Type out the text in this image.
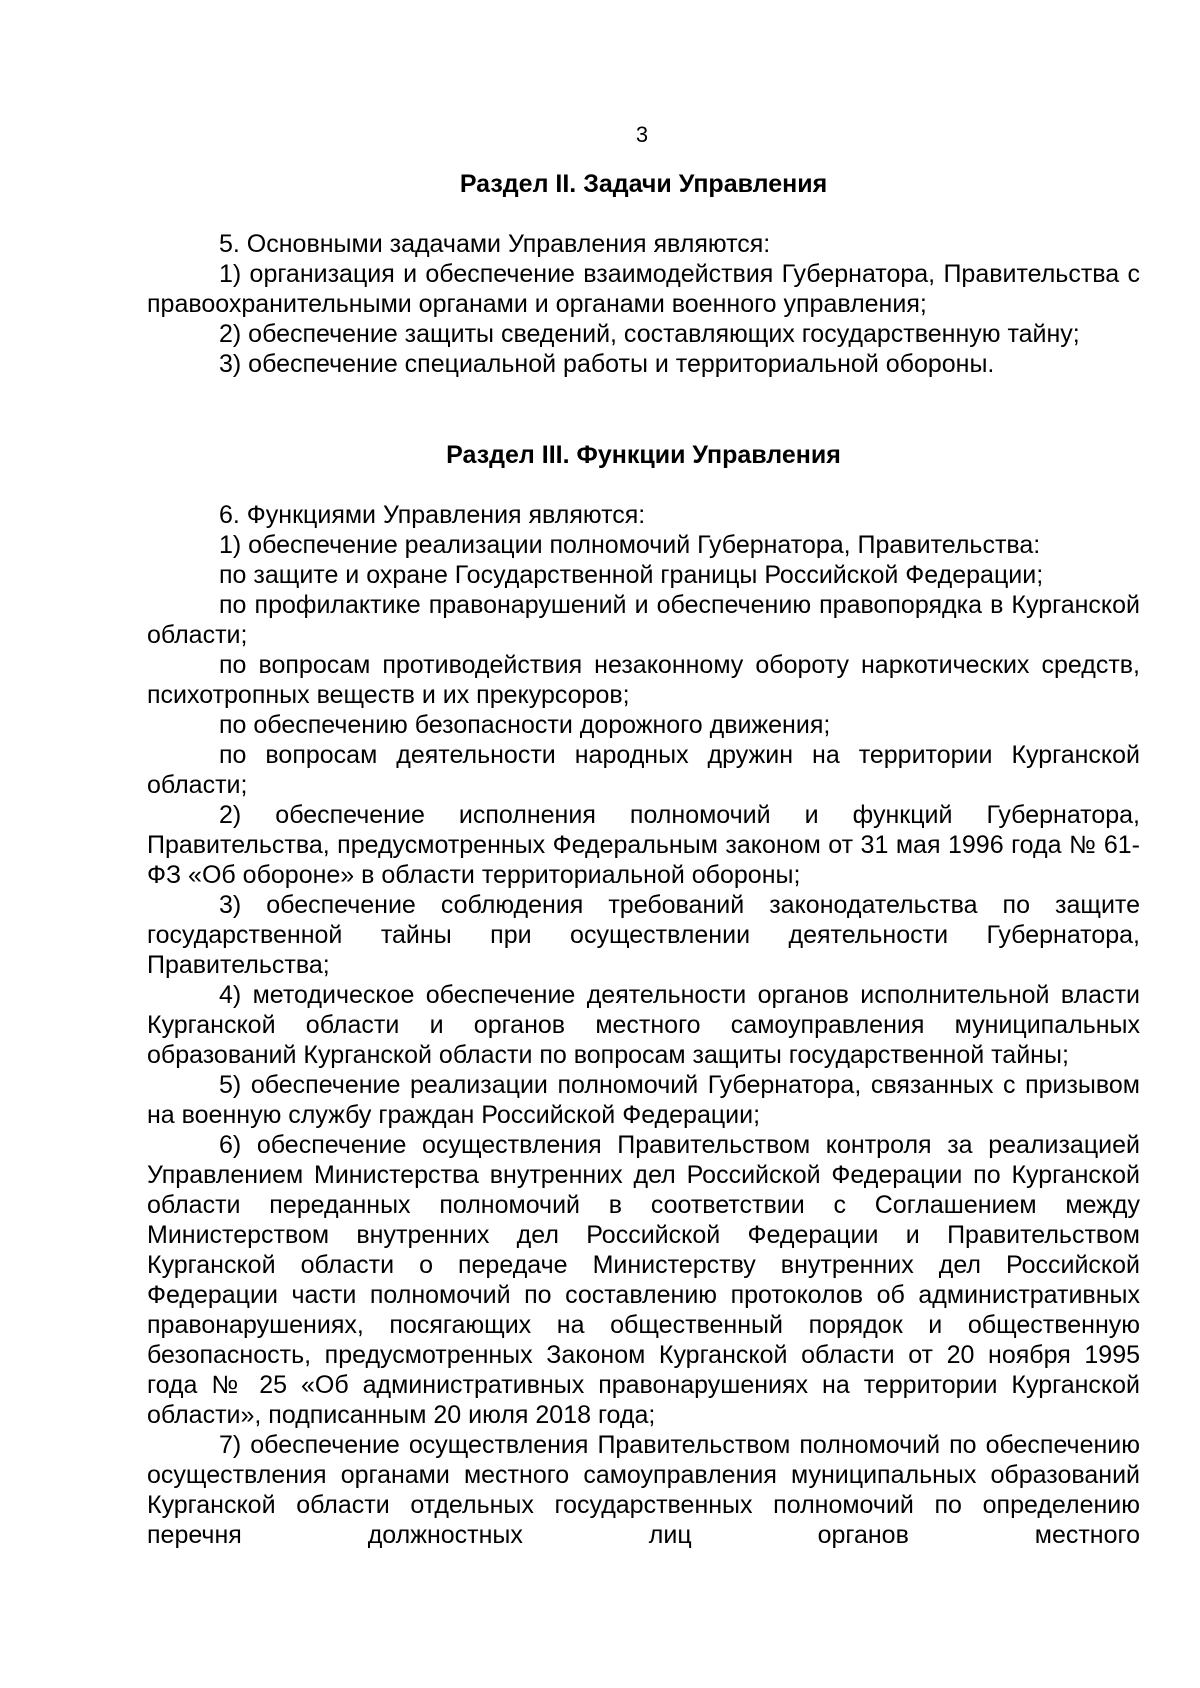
3

Раздел II. Задачи Управления

5. Основными задачами Управления являются:

1) организация и обеспечение взаимодействия Губернатора, Правительства с правоохранительными органами и органами военного управления;

2) обеспечение защиты сведений, составляющих государственную тайну;

3) обеспечение специальной работы и территориальной обороны.

Раздел III. Функции Управления

6. Функциями Управления являются:

1) обеспечение реализации полномочий Губернатора, Правительства:

по защите и охране Государственной границы Российской Федерации;

по профилактике правонарушений и обеспечению правопорядка в Курганской области;

по вопросам противодействия незаконному обороту наркотических средств, психотропных веществ и их прекурсоров;

по обеспечению безопасности дорожного движения;

по вопросам деятельности народных дружин на территории Курганской области;

2) обеспечение исполнения полномочий и функций Губернатора, Правительства, предусмотренных Федеральным законом от 31 мая 1996 года № 61-ФЗ «Об обороне» в области территориальной обороны;

3) обеспечение соблюдения требований законодательства по защите государственной тайны при осуществлении деятельности Губернатора, Правительства;

4) методическое обеспечение деятельности органов исполнительной власти Курганской области и органов местного самоуправления муниципальных образований Курганской области по вопросам защиты государственной тайны;

5) обеспечение реализации полномочий Губернатора, связанных с призывом на военную службу граждан Российской Федерации;

6) обеспечение осуществления Правительством контроля за реализацией Управлением Министерства внутренних дел Российской Федерации по Курганской области переданных полномочий в соответствии с Соглашением между Министерством внутренних дел Российской Федерации и Правительством Курганской области о передаче Министерству внутренних дел Российской Федерации части полномочий по составлению протоколов об административных правонарушениях, посягающих на общественный порядок и общественную безопасность, предусмотренных Законом Курганской области от 20 ноября 1995 года № 25 «Об административных правонарушениях на территории Курганской области», подписанным 20 июля 2018 года;

7) обеспечение осуществления Правительством полномочий по обеспечению осуществления органами местного самоуправления муниципальных образований Курганской области отдельных государственных полномочий по определению перечня должностных лиц органов местного
